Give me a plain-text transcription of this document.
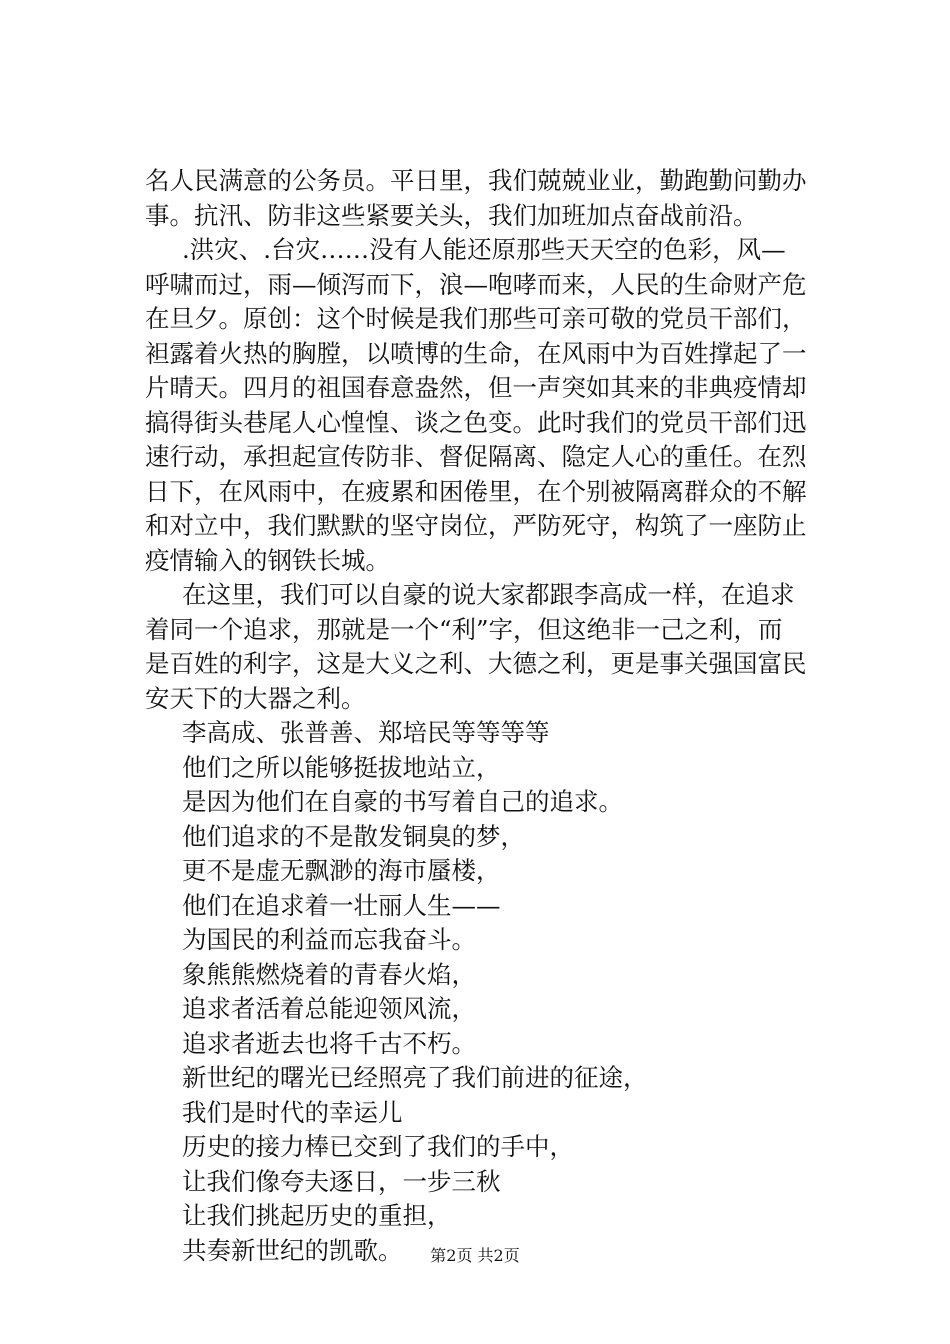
名人民满意的公务员。平日里，我们兢兢业业，勤跑勤问勤办
事。抗汛、防非这些紧要关头，我们加班加点奋战前沿。
.洪灾、.台灾……没有人能还原那些天天空的色彩，风—
呼啸而过，雨—倾泻而下，浪—咆哮而来，人民的生命财产危
在旦夕。原创：这个时候是我们那些可亲可敬的党员干部们，
袒露着火热的胸膛，以喷博的生命，在风雨中为百姓撑起了一
片晴天。四月的祖国春意盎然，但一声突如其来的非典疫情却
搞得街头巷尾人心惶惶、谈之色变。此时我们的党员干部们迅
速行动，承担起宣传防非、督促隔离、隐定人心的重任。在烈
日下，在风雨中，在疲累和困倦里，在个别被隔离群众的不解
和对立中，我们默默的坚守岗位，严防死守，构筑了一座防止
疫情输入的钢铁长城。
在这里，我们可以自豪的说大家都跟李高成一样，在追求
着同一个追求，那就是一个“利”字，但这绝非一己之利，而
是百姓的利字，这是大义之利、大德之利，更是事关强国富民
安天下的大器之利。
李高成、张普善、郑培民等等等等
他们之所以能够挺拔地站立，
是因为他们在自豪的书写着自己的追求。
他们追求的不是散发铜臭的梦，
更不是虚无飘渺的海市蜃楼，
他们在追求着一壮丽人生——
为国民的利益而忘我奋斗。
象熊熊燃烧着的青春火焰，
追求者活着总能迎领风流，
追求者逝去也将千古不朽。
新世纪的曙光已经照亮了我们前进的征途，
我们是时代的幸运儿
历史的接力棒已交到了我们的手中，
让我们像夸夫逐日，一步三秋
让我们挑起历史的重担，
共奏新世纪的凯歌。	第2页 共2页
